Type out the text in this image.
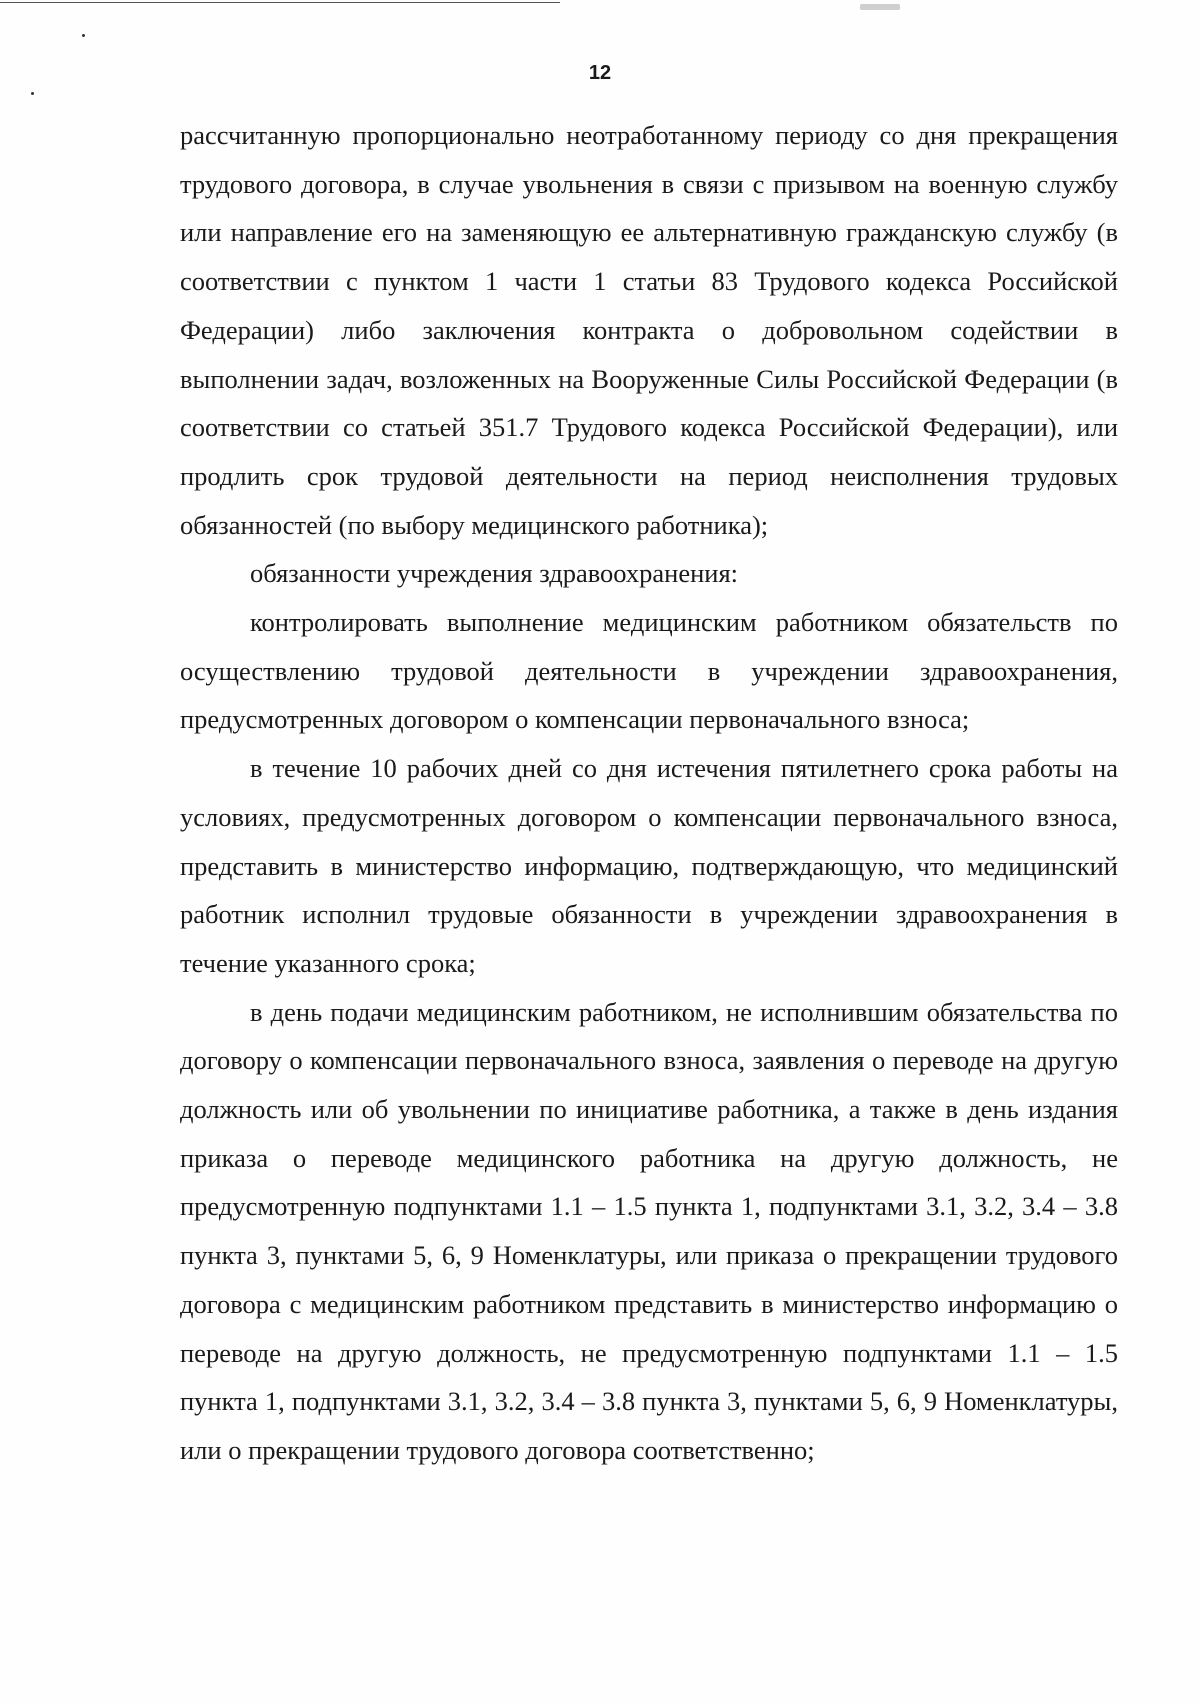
12

рассчитанную пропорционально неотработанному периоду со дня прекращения трудового договора, в случае увольнения в связи с призывом на военную службу или направление его на заменяющую ее альтернативную гражданскую службу (в соответствии с пунктом 1 части 1 статьи 83 Трудового кодекса Российской Федерации) либо заключения контракта о добровольном содействии в выполнении задач, возложенных на Вооруженные Силы Российской Федерации (в соответствии со статьей 351.7 Трудового кодекса Российской Федерации), или продлить срок трудовой деятельности на период неисполнения трудовых обязанностей (по выбору медицинского работника);

обязанности учреждения здравоохранения:

контролировать выполнение медицинским работником обязательств по осуществлению трудовой деятельности в учреждении здравоохранения, предусмотренных договором о компенсации первоначального взноса;

в течение 10 рабочих дней со дня истечения пятилетнего срока работы на условиях, предусмотренных договором о компенсации первоначального взноса, представить в министерство информацию, подтверждающую, что медицинский работник исполнил трудовые обязанности в учреждении здравоохранения в течение указанного срока;

в день подачи медицинским работником, не исполнившим обязательства по договору о компенсации первоначального взноса, заявления о переводе на другую должность или об увольнении по инициативе работника, а также в день издания приказа о переводе медицинского работника на другую должность, не предусмотренную подпунктами 1.1 – 1.5 пункта 1, подпунктами 3.1, 3.2, 3.4 – 3.8 пункта 3, пунктами 5, 6, 9 Номенклатуры, или приказа о прекращении трудового договора с медицинским работником представить в министерство информацию о переводе на другую должность, не предусмотренную подпунктами 1.1 – 1.5 пункта 1, подпунктами 3.1, 3.2, 3.4 – 3.8 пункта 3, пунктами 5, 6, 9 Номенклатуры, или о прекращении трудового договора соответственно;
